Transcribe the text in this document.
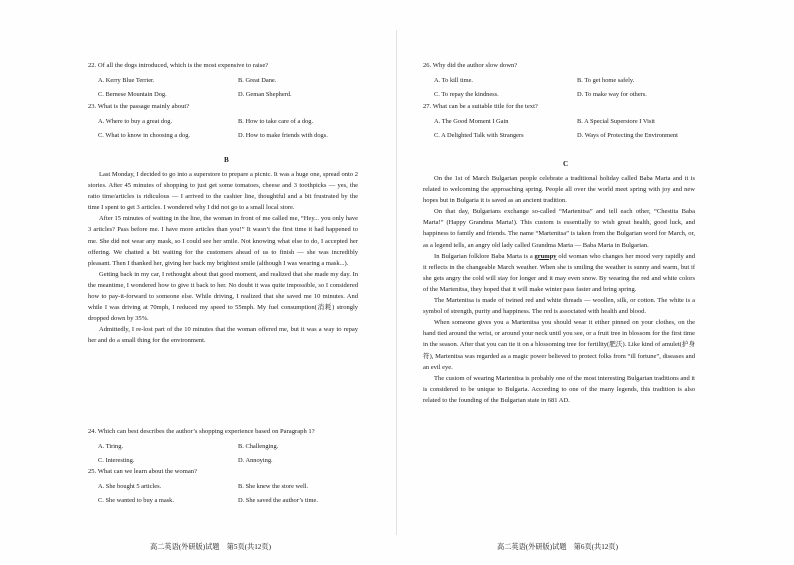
22. Of all the dogs introduced, which is the most expensive to raise?
A. Kerry Blue Terrier.	B. Great Dane.
C. Bernese Mountain Dog.	D. Geman Shepherd.
23. What is the passage mainly about?
A. Where to buy a great dog.	B. How to take care of a dog.
C. What to know in choosing a dog.	D. How to make friends with dogs.
B

Last Monday, I decided to go into a superstore to prepare a picnic. It was a huge one, spread onto 2 stories. After 45 minutes of shopping to just get some tomatoes, cheese and 3 toothpicks — yes, the ratio time/articles is ridiculous — I arrived to the cashier line, thoughtful and a bit frustrated by the time I spent to get 3 articles. I wondered why I did not go to a small local store.

After 15 minutes of waiting in the line, the woman in front of me called me, “Hey... you only have 3 articles? Pass before me. I have more articles than you!” It wasn’t the first time it had happened to me. She did not wear any mask, so I could see her smile. Not knowing what else to do, I accepted her offering. We chatted a bit waiting for the customers ahead of us to finish — she was incredibly pleasant. Then I thanked her, giving her back my brightest smile (although I was wearing a mask...).

Getting back in my car, I rethought about that good moment, and realized that she made my day. In the meantime, I wondered how to give it back to her. No doubt it was quite impossible, so I considered how to pay-it-forward to someone else. While driving, I realized that she saved me 10 minutes. And while I was driving at 70mph, I reduced my speed to 55mph. My fuel consumption(消耗) strongly dropped down by 35%.

Admittedly, I re-lost part of the 10 minutes that the woman offered me, but it was a way to repay her and do a small thing for the environment.

24. Which can best describes the author’s shopping experience based on Paragraph 1?
A. Tiring.	B. Challenging.
C. Interesting.	D. Annoying.
25. What can we learn about the woman?
A. She bought 5 articles.	B. She knew the store well.
C. She wanted to buy a mask.	D. She saved the author’s time.
高二英语(外研版)试题　第5页(共12页)
26. Why did the author slow down?
A. To kill time.	B. To get home safely.
C. To repay the kindness.	D. To make way for others.
27. What can be a suitable title for the text?
A. The Good Moment I Gain	B. A Special Superstore I Visit
C. A Delighted Talk with Strangers	D. Ways of Protecting the Environment
C

On the 1st of March Bulgarian people celebrate a traditional holiday called Baba Marta and it is related to welcoming the approaching spring. People all over the world meet spring with joy and new hopes but in Bulgaria it is saved as an ancient tradition.

On that day, Bulgarians exchange so-called “Martenitsa” and tell each other, “Chestita Baba Marta!” (Happy Grandma Marta!). This custom is essentially to wish great health, good luck, and happiness to family and friends. The name “Martenitsa” is taken from the Bulgarian word for March, or, as a legend tells, an angry old lady called Grandma Marta — Baba Marta in Bulgarian.

In Bulgarian folklore Baba Marta is a grumpy old woman who changes her mood very rapidly and it reflects in the changeable March weather. When she is smiling the weather is sunny and warm, but if she gets angry the cold will stay for longer and it may even snow. By wearing the red and white colors of the Martenitsa, they hoped that it will make winter pass faster and bring spring.

The Martenitsa is made of twined red and white threads — woollen, silk, or cotton. The white is a symbol of strength, purity and happiness. The red is associated with health and blood.

When someone gives you a Martenitsa you should wear it either pinned on your clothes, on the hand tied around the wrist, or around your neck until you see, or a fruit tree in blossom for the first time in the season. After that you can tie it on a blossoming tree for fertility(肥沃). Like kind of amulet(护身符), Martenitsa was regarded as a magic power believed to protect folks from “ill fortune”, diseases and an evil eye.

The custom of wearing Martenitsa is probably one of the most interesting Bulgarian traditions and it is considered to be unique to Bulgaria. According to one of the many legends, this tradition is also related to the founding of the Bulgarian state in 681 AD.

高二英语(外研版)试题　第6页(共12页)
